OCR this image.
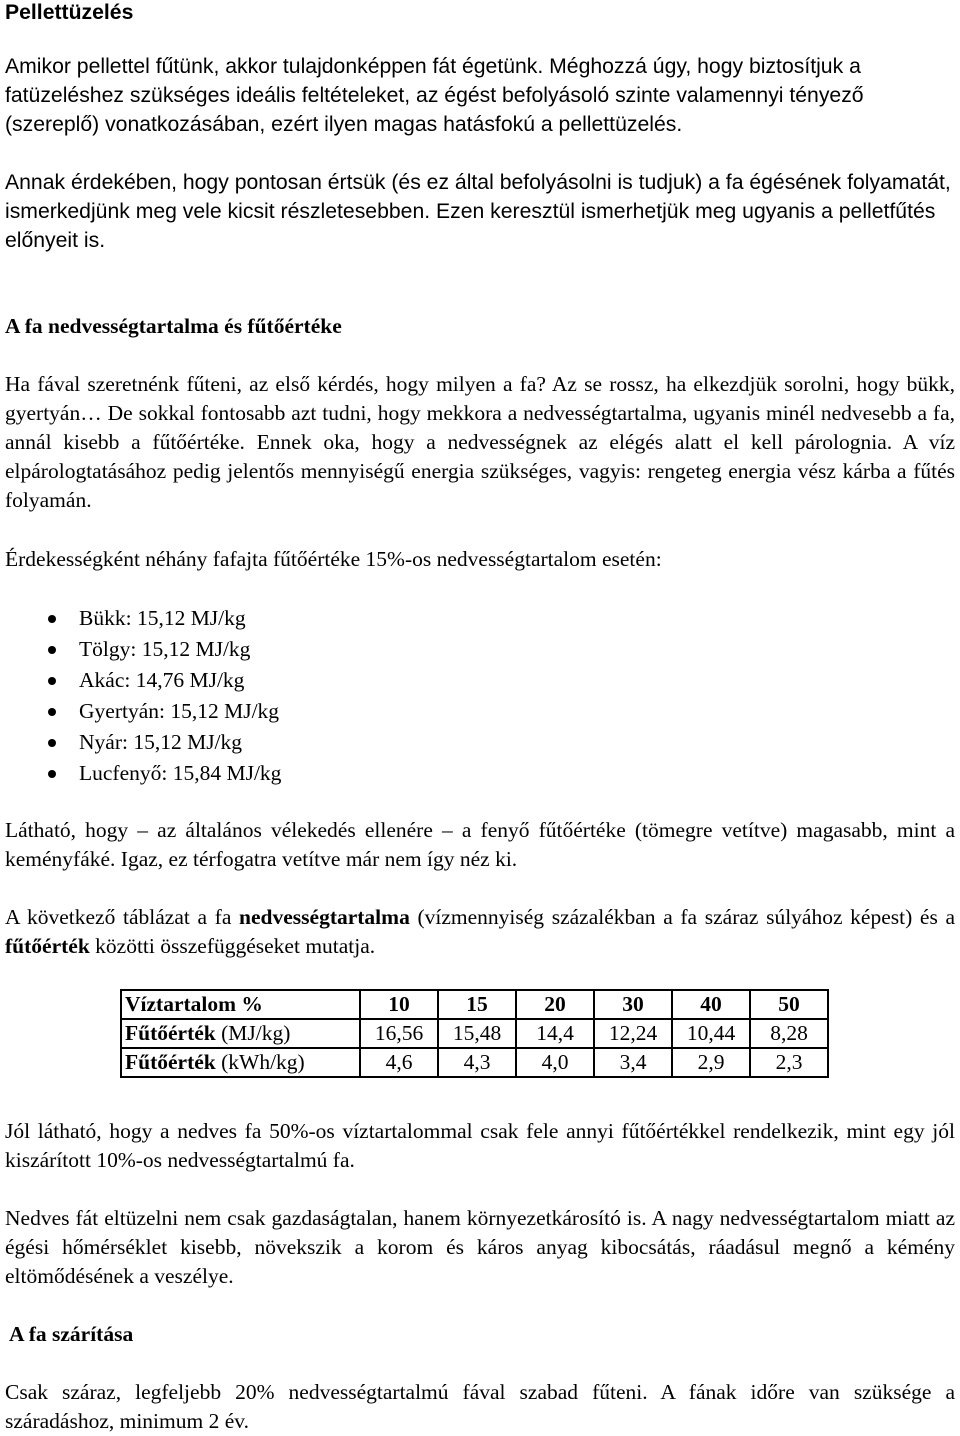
Pellettüzelés

Amikor pellettel fűtünk, akkor tulajdonképpen fát égetünk. Méghozzá úgy, hogy biztosítjuk a fatüzeléshez szükséges ideális feltételeket, az égést befolyásoló szinte valamennyi tényező (szereplő) vonatkozásában, ezért ilyen magas hatásfokú a pellettüzelés.

Annak érdekében, hogy pontosan értsük (és ez által befolyásolni is tudjuk) a fa égésének folyamatát, ismerkedjünk meg vele kicsit részletesebben. Ezen keresztül ismerhetjük meg ugyanis a pelletfűtés előnyeit is.

A fa nedvességtartalma és fűtőértéke

Ha fával szeretnénk fűteni, az első kérdés, hogy milyen a fa? Az se rossz, ha elkezdjük sorolni, hogy bükk, gyertyán… De sokkal fontosabb azt tudni, hogy mekkora a nedvességtartalma, ugyanis minél nedvesebb a fa, annál kisebb a fűtőértéke. Ennek oka, hogy a nedvességnek az elégés alatt el kell párolognia. A víz elpárologtatásához pedig jelentős mennyiségű energia szükséges, vagyis: rengeteg energia vész kárba a fűtés folyamán.

Érdekességként néhány fafajta fűtőértéke 15%-os nedvességtartalom esetén:

Bükk: 15,12 MJ/kg
Tölgy: 15,12 MJ/kg
Akác: 14,76 MJ/kg
Gyertyán: 15,12 MJ/kg
Nyár: 15,12 MJ/kg
Lucfenyő: 15,84 MJ/kg

Látható, hogy – az általános vélekedés ellenére – a fenyő fűtőértéke (tömegre vetítve) magasabb, mint a keményfáké. Igaz, ez térfogatra vetítve már nem így néz ki.

A következő táblázat a fa nedvességtartalma (vízmennyiség százalékban a fa száraz súlyához képest) és a fűtőérték közötti összefüggéseket mutatja.

Víztartalom %	10	15	20	30	40	50
Fűtőérték (MJ/kg)	16,56	15,48	14,4	12,24	10,44	8,28
Fűtőérték (kWh/kg)	4,6	4,3	4,0	3,4	2,9	2,3

Jól látható, hogy a nedves fa 50%-os víztartalommal csak fele annyi fűtőértékkel rendelkezik, mint egy jól kiszárított 10%-os nedvességtartalmú fa.

Nedves fát eltüzelni nem csak gazdaságtalan, hanem környezetkárosító is. A nagy nedvességtartalom miatt az égési hőmérséklet kisebb, növekszik a korom és káros anyag kibocsátás, ráadásul megnő a kémény eltömődésének a veszélye.

A fa szárítása

Csak száraz, legfeljebb 20% nedvességtartalmú fával szabad fűteni. A fának időre van szüksége a száradáshoz, minimum 2 év.
